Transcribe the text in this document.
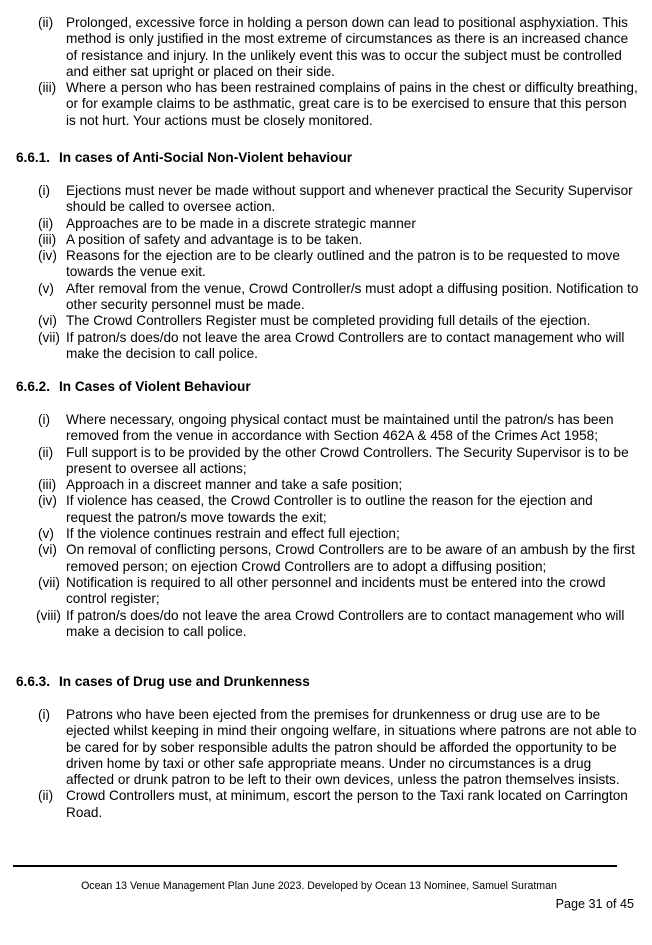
(ii) Prolonged, excessive force in holding a person down can lead to positional asphyxiation. This method is only justified in the most extreme of circumstances as there is an increased chance of resistance and injury. In the unlikely event this was to occur the subject must be controlled and either sat upright or placed on their side.
(iii) Where a person who has been restrained complains of pains in the chest or difficulty breathing, or for example claims to be asthmatic, great care is to be exercised to ensure that this person is not hurt. Your actions must be closely monitored.
6.6.1. In cases of Anti-Social Non-Violent behaviour
(i)	Ejections must never be made without support and whenever practical the Security Supervisor should be called to oversee action.
(ii) Approaches are to be made in a discrete strategic manner
(iii) A position of safety and advantage is to be taken.
(iv) Reasons for the ejection are to be clearly outlined and the patron is to be requested to move towards the venue exit.
(v) After removal from the venue, Crowd Controller/s must adopt a diffusing position. Notification to other security personnel must be made.
(vi) The Crowd Controllers Register must be completed providing full details of the ejection.
(vii) If patron/s does/do not leave the area Crowd Controllers are to contact management who will make the decision to call police.
6.6.2. In Cases of Violent Behaviour
(i)	Where necessary, ongoing physical contact must be maintained until the patron/s has been removed from the venue in accordance with Section 462A & 458 of the Crimes Act 1958;
(ii) Full support is to be provided by the other Crowd Controllers. The Security Supervisor is to be present to oversee all actions;
(iii) Approach in a discreet manner and take a safe position;
(iv) If violence has ceased, the Crowd Controller is to outline the reason for the ejection and request the patron/s move towards the exit;
(v) If the violence continues restrain and effect full ejection;
(vi) On removal of conflicting persons, Crowd Controllers are to be aware of an ambush by the first removed person; on ejection Crowd Controllers are to adopt a diffusing position;
(vii) Notification is required to all other personnel and incidents must be entered into the crowd control register;
(viii) If patron/s does/do not leave the area Crowd Controllers are to contact management who will make a decision to call police.
6.6.3. In cases of Drug use and Drunkenness
(i)	Patrons who have been ejected from the premises for drunkenness or drug use are to be ejected whilst keeping in mind their ongoing welfare, in situations where patrons are not able to be cared for by sober responsible adults the patron should be afforded the opportunity to be driven home by taxi or other safe appropriate means. Under no circumstances is a drug affected or drunk patron to be left to their own devices, unless the patron themselves insists.
(ii) Crowd Controllers must, at minimum, escort the person to the Taxi rank located on Carrington Road.
Ocean 13 Venue Management Plan June 2023. Developed by Ocean 13 Nominee, Samuel Suratman
Page 31 of 45
